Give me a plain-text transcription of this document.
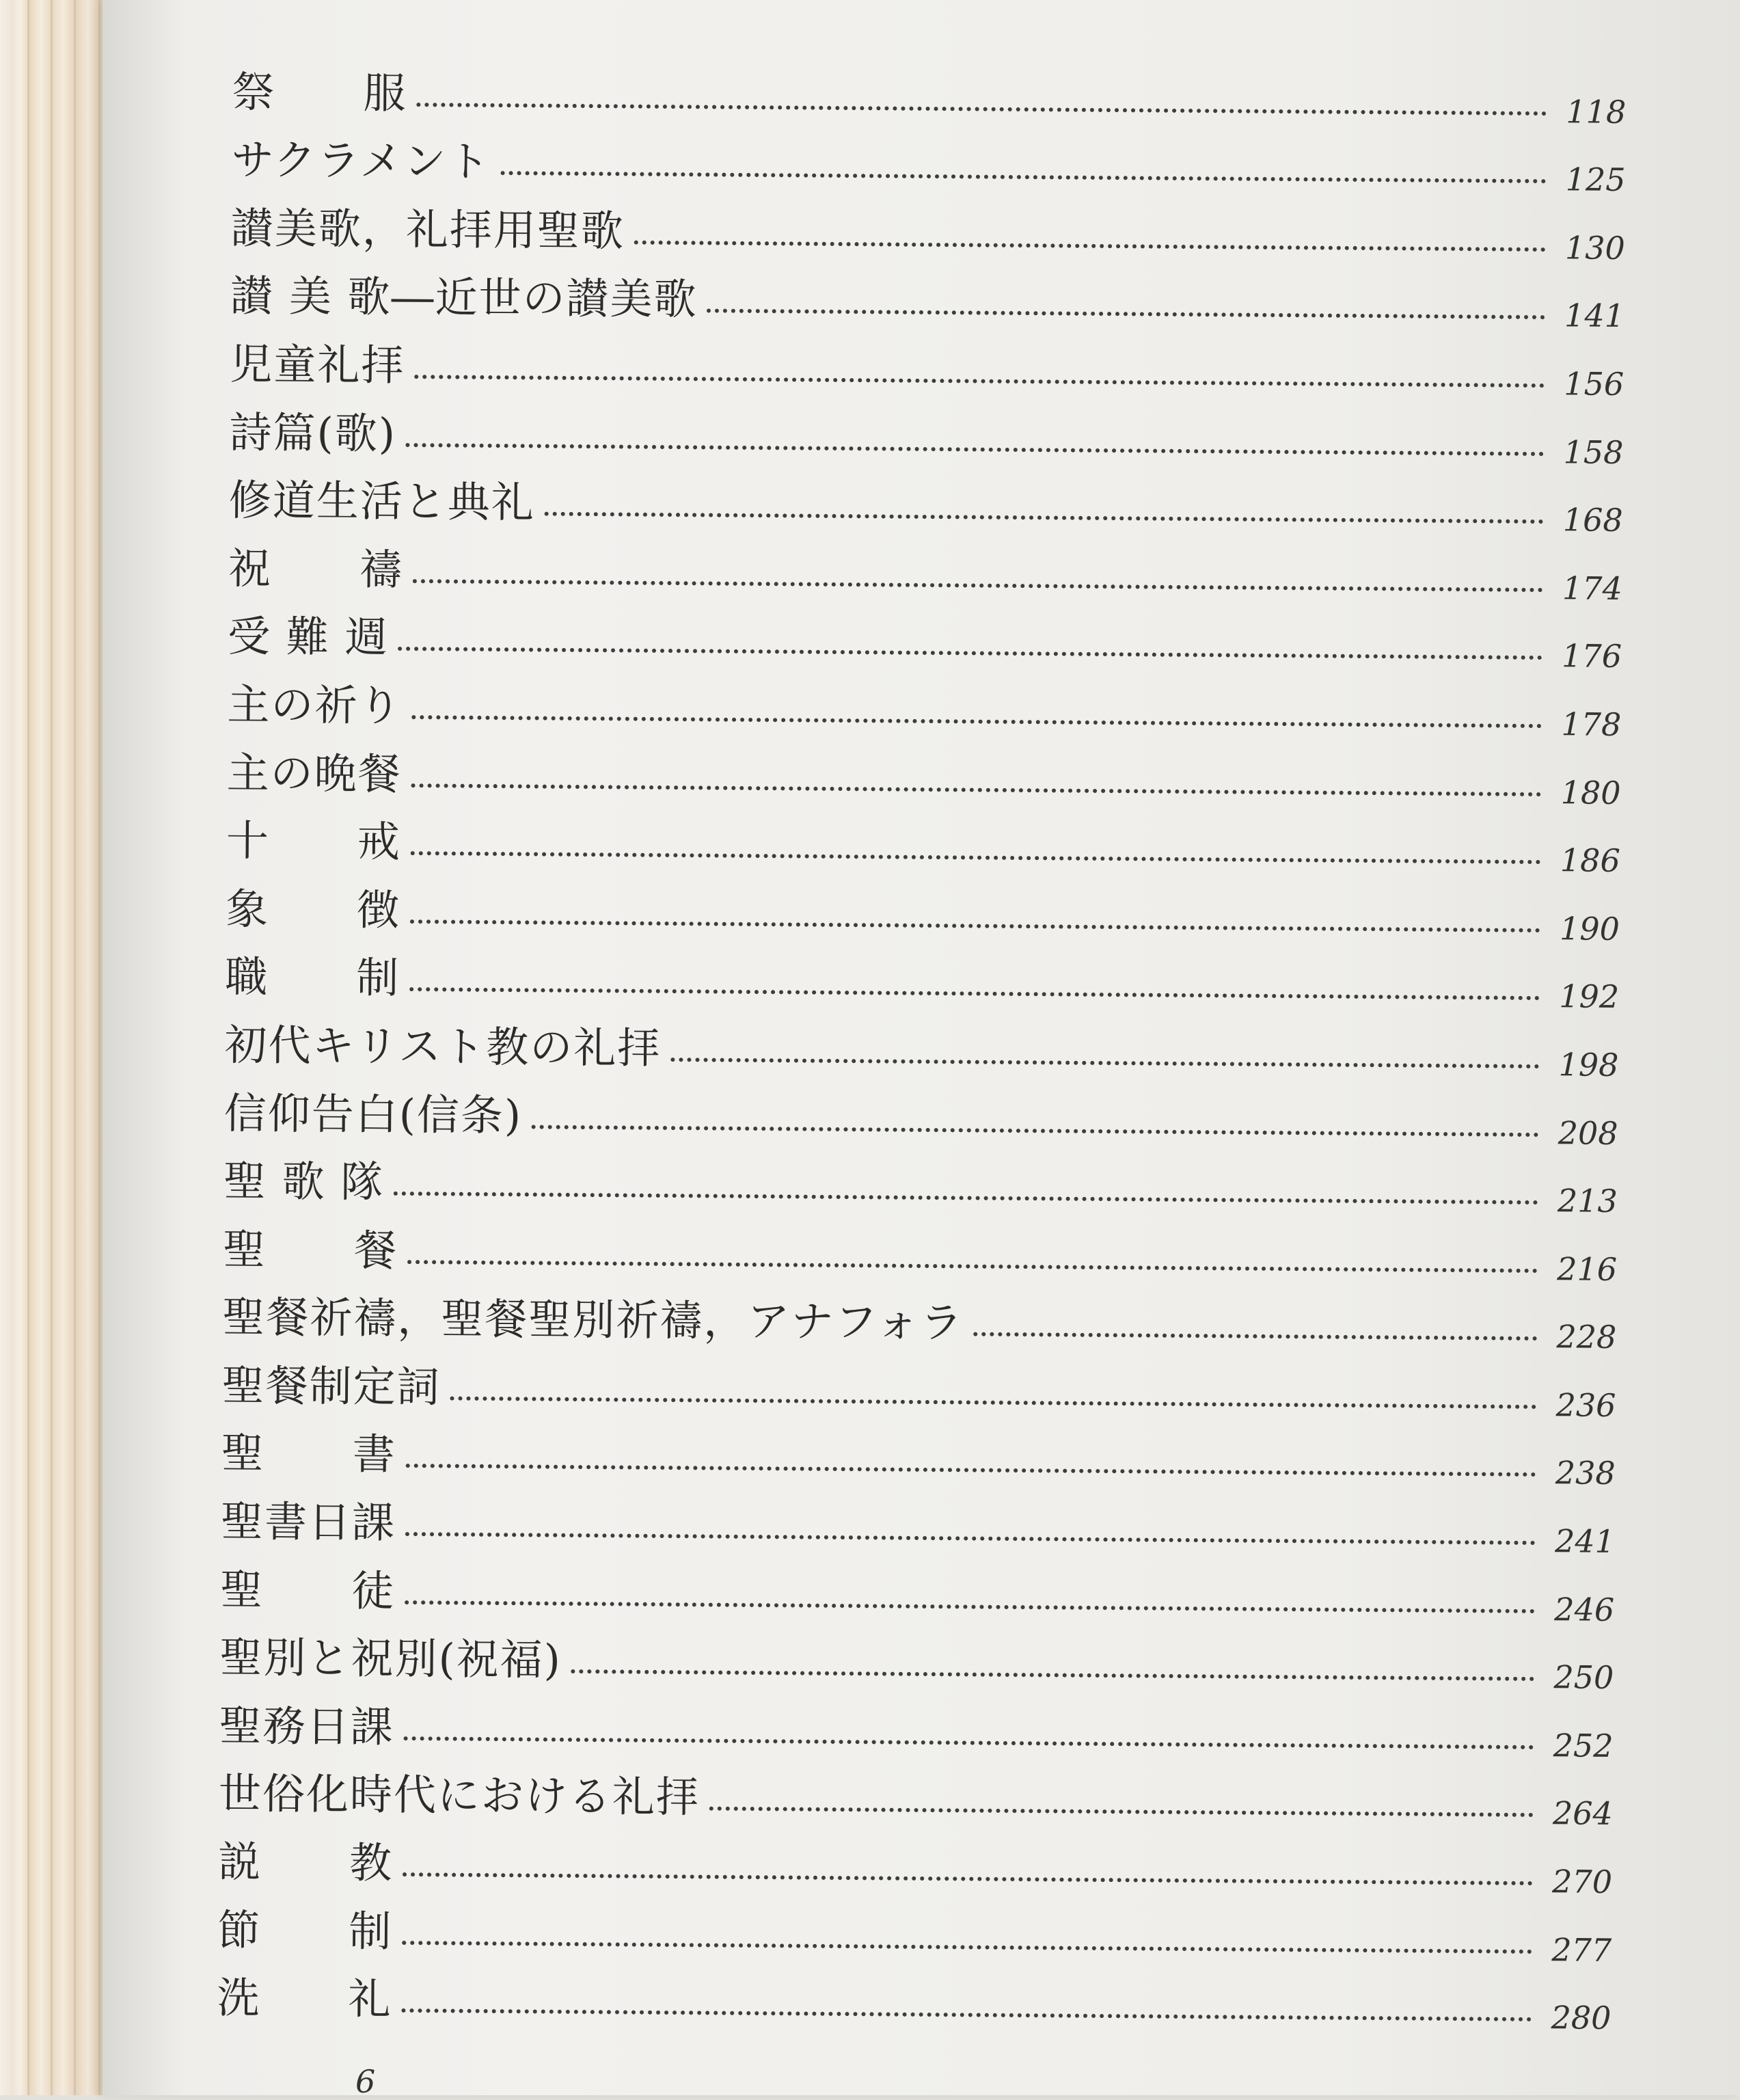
祭　　服	118
サクラメント	125
讃美歌，礼拝用聖歌	130
讃 美 歌―近世の讃美歌	141
児童礼拝	156
詩篇(歌)	158
修道生活と典礼	168
祝　　禱	174
受 難 週	176
主の祈り	178
主の晩餐	180
十　　戒	186
象　　徴	190
職　　制	192
初代キリスト教の礼拝	198
信仰告白(信条)	208
聖 歌 隊	213
聖　　餐	216
聖餐祈禱，聖餐聖別祈禱，アナフォラ	228
聖餐制定詞	236
聖　　書	238
聖書日課	241
聖　　徒	246
聖別と祝別(祝福)	250
聖務日課	252
世俗化時代における礼拝	264
説　　教	270
節　　制	277
洗　　礼	280
6
